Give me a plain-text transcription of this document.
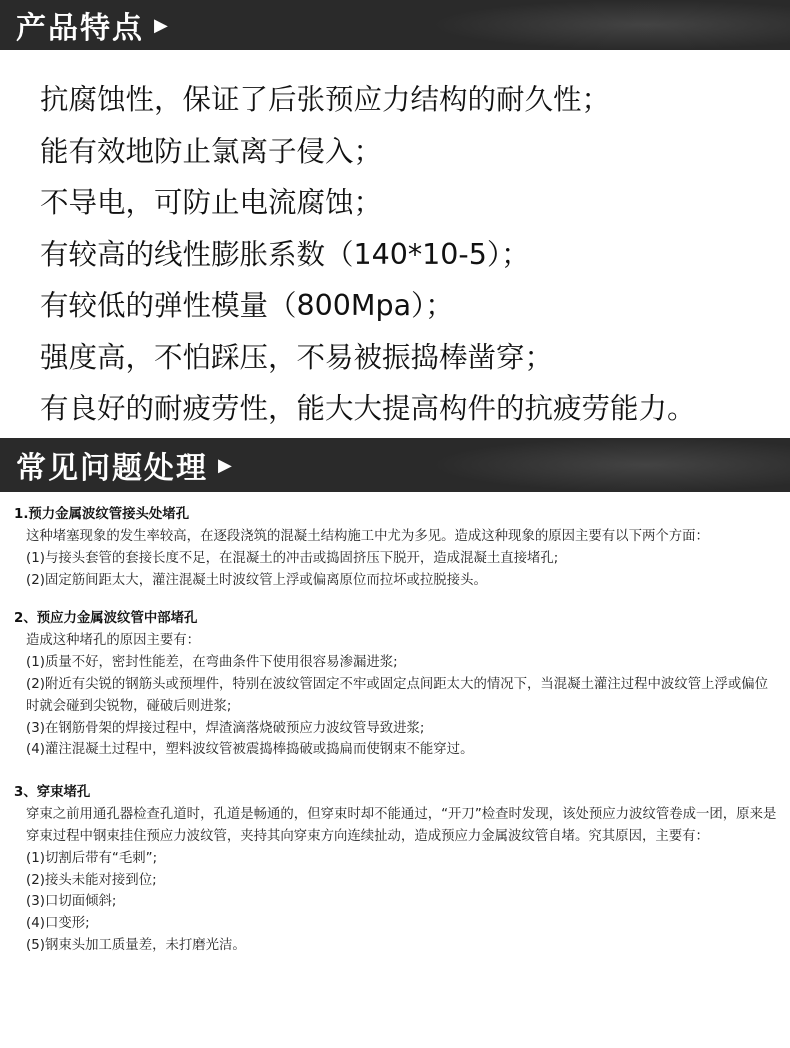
产品特点 ▶
抗腐蚀性，保证了后张预应力结构的耐久性；
能有效地防止氯离子侵入；
不导电，可防止电流腐蚀；
有较高的线性膨胀系数（140*10-5）；
有较低的弹性模量（800Mpa）；
强度高，不怕踩压，不易被振捣棒凿穿；
有良好的耐疲劳性，能大大提高构件的抗疲劳能力。
常见问题处理 ▶
1.预力金属波纹管接头处堵孔
这种堵塞现象的发生率较高，在逐段浇筑的混凝土结构施工中尤为多见。造成这种现象的原因主要有以下两个方面：
(1)与接头套管的套接长度不足，在混凝土的冲击或捣固挤压下脱开，造成混凝土直接堵孔;
(2)固定筋间距太大，灌注混凝土时波纹管上浮或偏离原位而拉坏或拉脱接头。
2、预应力金属波纹管中部堵孔
造成这种堵孔的原因主要有：
(1)质量不好，密封性能差，在弯曲条件下使用很容易渗漏进浆;
(2)附近有尖锐的钢筋头或预埋件，特别在波纹管固定不牢或固定点间距太大的情况下，当混凝土灌注过程中波纹管上浮或偏位时就会碰到尖锐物，碰破后则进浆;
(3)在钢筋骨架的焊接过程中，焊渣滴落烧破预应力波纹管导致进浆;
(4)灌注混凝土过程中，塑料波纹管被震捣棒捣破或捣扁而使钢束不能穿过。
3、穿束堵孔
穿束之前用通孔器检查孔道时，孔道是畅通的，但穿束时却不能通过，“开刀”检查时发现，该处预应力波纹管卷成一团，原来是穿束过程中钢束挂住预应力波纹管，夹持其向穿束方向连续扯动，造成预应力金属波纹管自堵。究其原因，主要有：
(1)切割后带有“毛刺”;
(2)接头未能对接到位;
(3)口切面倾斜;
(4)口变形;
(5)钢束头加工质量差，未打磨光洁。
